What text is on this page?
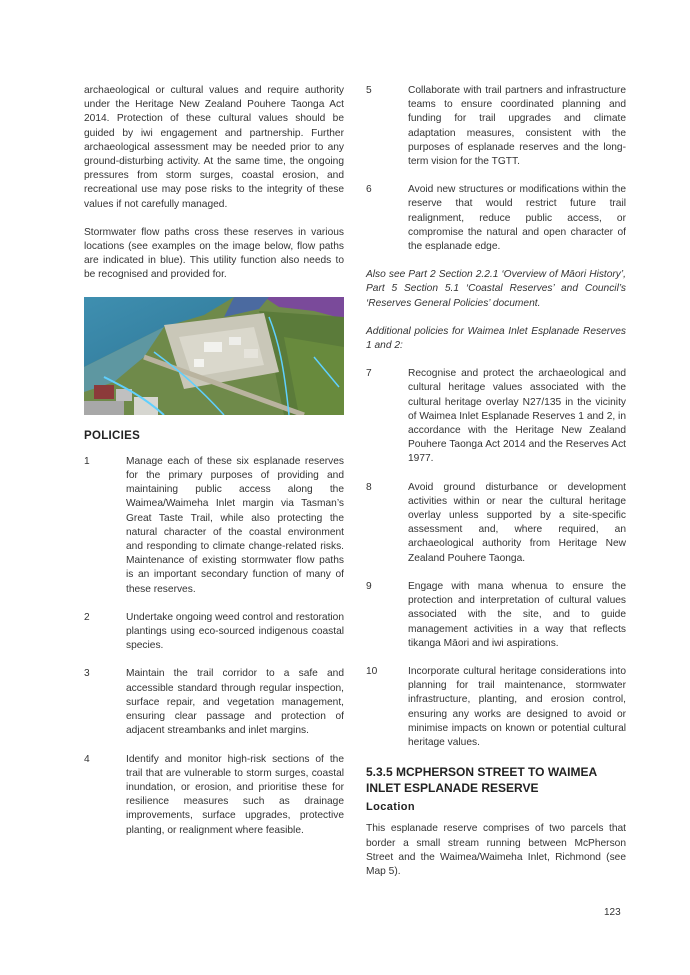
archaeological or cultural values and require authority under the Heritage New Zealand Pouhere Taonga Act 2014. Protection of these cultural values should be guided by iwi engagement and partnership. Further archaeological assessment may be needed prior to any ground-disturbing activity. At the same time, the ongoing pressures from storm surges, coastal erosion, and recreational use may pose risks to the integrity of these values if not carefully managed.

Stormwater flow paths cross these reserves in various locations (see examples on the image below, flow paths are indicated in blue). This utility function also needs to be recognised and provided for.

POLICIES
1	Manage each of these six esplanade reserves for the primary purposes of providing and maintaining public access along the Waimea/Waimeha Inlet margin via Tasman’s Great Taste Trail, while also protecting the natural character of the coastal environment and responding to climate change-related risks. Maintenance of existing stormwater flow paths is an important secondary function of many of these reserves.
2	Undertake ongoing weed control and restoration plantings using eco-sourced indigenous coastal species.
3	Maintain the trail corridor to a safe and accessible standard through regular inspection, surface repair, and vegetation management, ensuring clear passage and protection of adjacent streambanks and inlet margins.
4	Identify and monitor high-risk sections of the trail that are vulnerable to storm surges, coastal inundation, or erosion, and prioritise these for resilience measures such as drainage improvements, surface upgrades, protective planting, or realignment where feasible.
5	Collaborate with trail partners and infrastructure teams to ensure coordinated planning and funding for trail upgrades and climate adaptation measures, consistent with the purposes of esplanade reserves and the long-term vision for the TGTT.
6	Avoid new structures or modifications within the reserve that would restrict future trail realignment, reduce public access, or compromise the natural and open character of the esplanade edge.

Also see Part 2 Section 2.2.1 ‘Overview of Māori History’, Part 5 Section 5.1 ‘Coastal Reserves’ and Council’s ‘Reserves General Policies’ document.

Additional policies for Waimea Inlet Esplanade Reserves 1 and 2:

7	Recognise and protect the archaeological and cultural heritage values associated with the cultural heritage overlay N27/135 in the vicinity of Waimea Inlet Esplanade Reserves 1 and 2, in accordance with the Heritage New Zealand Pouhere Taonga Act 2014 and the Reserves Act 1977.
8	Avoid ground disturbance or development activities within or near the cultural heritage overlay unless supported by a site-specific assessment and, where required, an archaeological authority from Heritage New Zealand Pouhere Taonga.
9	Engage with mana whenua to ensure the protection and interpretation of cultural values associated with the site, and to guide management activities in a way that reflects tikanga Māori and iwi aspirations.
10	Incorporate cultural heritage considerations into planning for trail maintenance, stormwater infrastructure, planting, and erosion control, ensuring any works are designed to avoid or minimise impacts on known or potential cultural heritage values.
5.3.5 MCPHERSON STREET TO WAIMEA INLET ESPLANADE RESERVE
Location

This esplanade reserve comprises of two parcels that border a small stream running between McPherson Street and the Waimea/Waimeha Inlet, Richmond (see Map 5).

123
